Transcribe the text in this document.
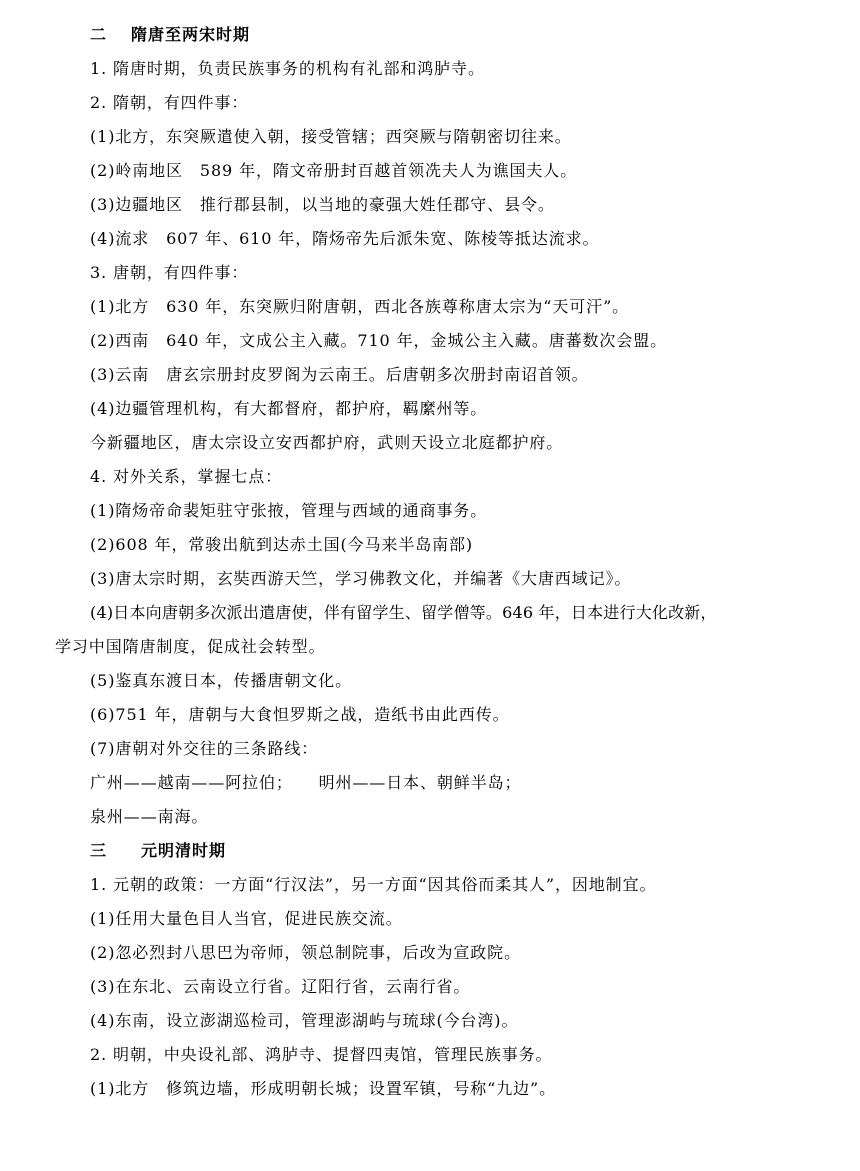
二 隋唐至两宋时期
1. 隋唐时期，负责民族事务的机构有礼部和鸿胪寺。
2. 隋朝，有四件事：
(1)北方，东突厥遣使入朝，接受管辖；西突厥与隋朝密切往来。
(2)岭南地区　589 年，隋文帝册封百越首领冼夫人为谯国夫人。
(3)边疆地区　推行郡县制，以当地的豪强大姓任郡守、县令。
(4)流求　607 年、610 年，隋炀帝先后派朱宽、陈棱等抵达流求。
3. 唐朝，有四件事：
(1)北方　630 年，东突厥归附唐朝，西北各族尊称唐太宗为“天可汗”。
(2)西南　640 年，文成公主入藏。710 年，金城公主入藏。唐蕃数次会盟。
(3)云南　唐玄宗册封皮罗阁为云南王。后唐朝多次册封南诏首领。
(4)边疆管理机构，有大都督府，都护府，羁縻州等。
今新疆地区，唐太宗设立安西都护府，武则天设立北庭都护府。
4. 对外关系，掌握七点：
(1)隋炀帝命裴矩驻守张掖，管理与西域的通商事务。
(2)608 年，常骏出航到达赤土国(今马来半岛南部)
(3)唐太宗时期，玄奘西游天竺，学习佛教文化，并编著《大唐西域记》。
(4)日本向唐朝多次派出遣唐使，伴有留学生、留学僧等。646 年，日本进行大化改新，
学习中国隋唐制度，促成社会转型。
(5)鉴真东渡日本，传播唐朝文化。
(6)751 年，唐朝与大食怛罗斯之战，造纸书由此西传。
(7)唐朝对外交往的三条路线：
广州——越南——阿拉伯；　　明州——日本、朝鲜半岛；
泉州——南海。
三 元明清时期
1. 元朝的政策：一方面“行汉法”，另一方面“因其俗而柔其人”，因地制宜。
(1)任用大量色目人当官，促进民族交流。
(2)忽必烈封八思巴为帝师，领总制院事，后改为宣政院。
(3)在东北、云南设立行省。辽阳行省，云南行省。
(4)东南，设立澎湖巡检司，管理澎湖屿与琉球(今台湾)。
2. 明朝，中央设礼部、鸿胪寺、提督四夷馆，管理民族事务。
(1)北方　修筑边墙，形成明朝长城；设置军镇，号称“九边”。
